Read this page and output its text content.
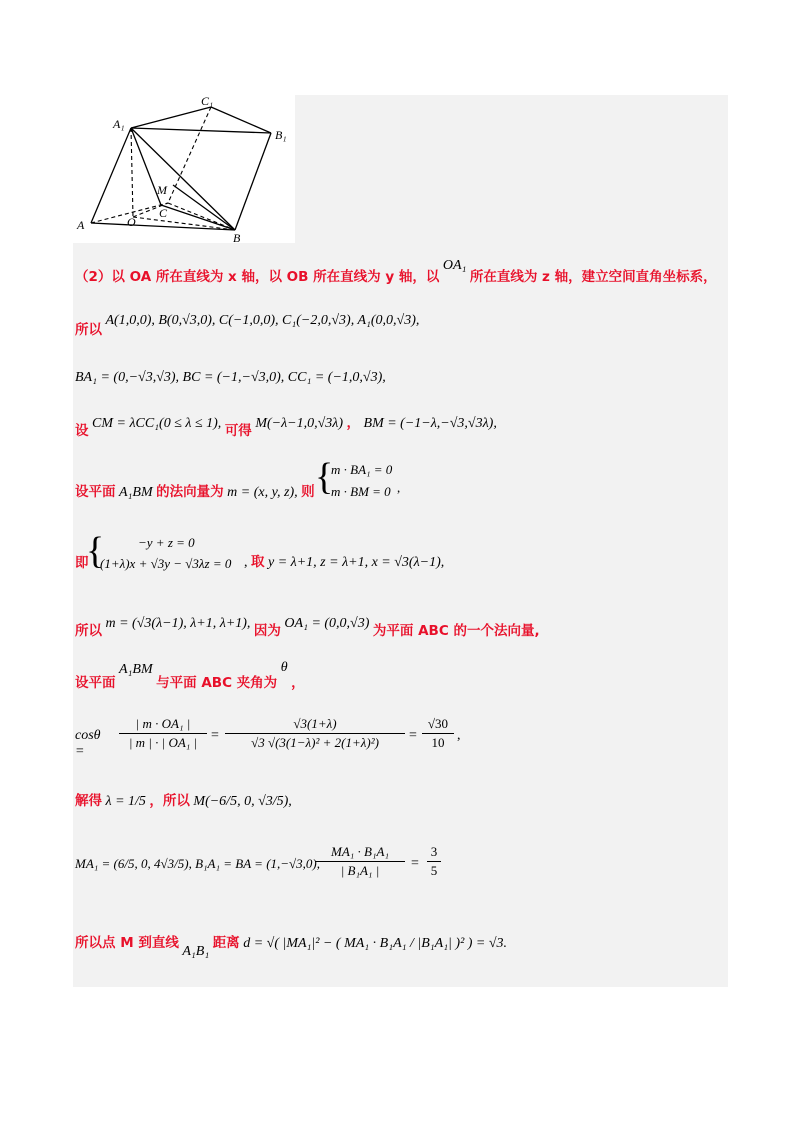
C₁
A₁
B₁
M
C
O
A
B
（2）以 OA 所在直线为 x 轴，以 OB 所在直线为 y 轴，以 OA₁ 所在直线为 z 轴，建立空间直角坐标系，
所以 A(1,0,0), B(0,√3,0), C(−1,0,0), C₁(−2,0,√3), A₁(0,0,√3),
BA₁ = (0,−√3,√3), BC = (−1,−√3,0), CC₁ = (−1,0,√3),
设 CM = λCC₁(0 ≤ λ ≤ 1), 可得 M(−λ−1,0,√3λ) ， BM = (−1−λ,−√3,√3λ),
设平面 A₁BM 的法向量为 m = (x, y, z), 则 {
m · BA₁ = 0
m · BM = 0 ,
即
{	−y + z = 0
(1+λ)x + √3y − √3λz = 0 , 取 y = λ+1, z = λ+1, x = √3(λ−1),
所以 m = (√3(λ−1), λ+1, λ+1), 因为 OA₁ = (0,0,√3) 为平面 ABC 的一个法向量,
设平面 A₁BM 与平面 ABC 夹角为 θ ，
cosθ =
| m · OA₁ |
| m | · | OA₁ | =
√3(1+λ)
√3 √(3(1−λ)² + 2(1+λ)²)	=
√30
10 ,
解得 λ = 1/5 ，所以 M(−6/5, 0, √3/5),
MA₁ = (6/5, 0, 4√3/5), B₁A₁ = BA = (1,−√3,0),
MA₁ · B₁A₁
| B₁A₁ |	=
3
5
所以点 M 到直线 A₁B₁ 距离 d = √( |MA₁|² − ( MA₁ · B₁A₁ / |B₁A₁| )² ) = √3.
